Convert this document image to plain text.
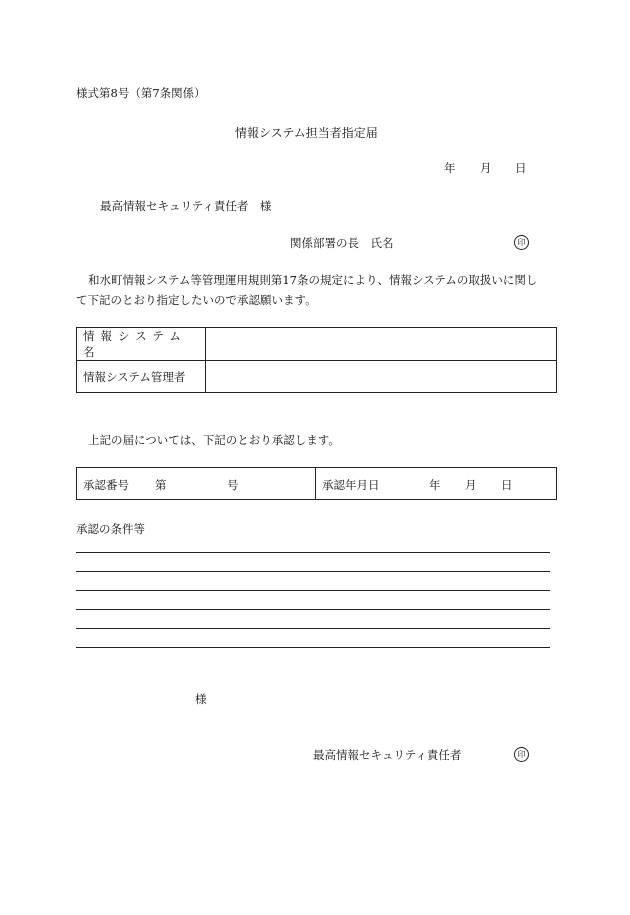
様式第8号（第7条関係）
情報システム担当者指定届
年 月 日
最高情報セキュリティ責任者　様
関係部署の長　氏名	印
和水町情報システム等管理運用規則第17条の規定により、情報システムの取扱いに関し
て下記のとおり指定したいので承認願います。
情報システム名	
情報システム管理者	
上記の届については、下記のとおり承認します。
承認番号 第	号	承認年月日	年 月 日
承認の条件等
様
最高情報セキュリティ責任者	印
